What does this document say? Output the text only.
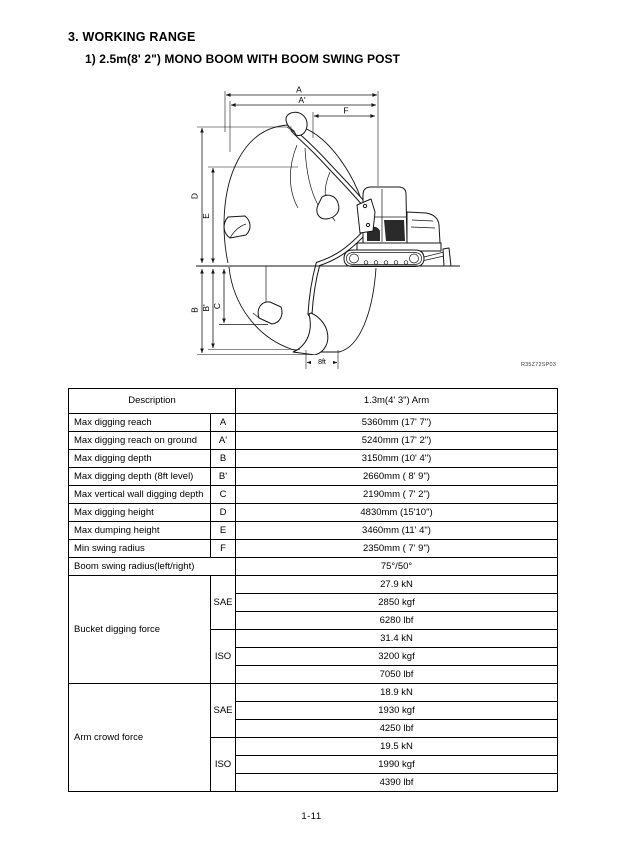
3. WORKING RANGE
1) 2.5m(8' 2") MONO BOOM WITH BOOM SWING POST
A
A'
F
D
E
B B' C
8ft	R35Z72SP03
Description		1.3m(4' 3") Arm
Max digging reach	A	5360mm (17' 7")
Max digging reach on ground	A'	5240mm (17' 2")
Max digging depth	B	3150mm (10' 4")
Max digging depth (8ft level)	B'	2660mm ( 8' 9")
Max vertical wall digging depth	C	2190mm ( 7' 2")
Max digging height	D	4830mm (15'10")
Max dumping height	E	3460mm (11' 4")
Min swing radius	F	2350mm ( 7' 9")
Boom swing radius(left/right)		75°/50°
Bucket digging force	SAE	27.9 kN
		2850 kgf
		6280 lbf
	ISO	31.4 kN
		3200 kgf
		7050 lbf
Arm crowd force	SAE	18.9 kN
		1930 kgf
		4250 lbf
	ISO	19.5 kN
		1990 kgf
		4390 lbf
1-11
